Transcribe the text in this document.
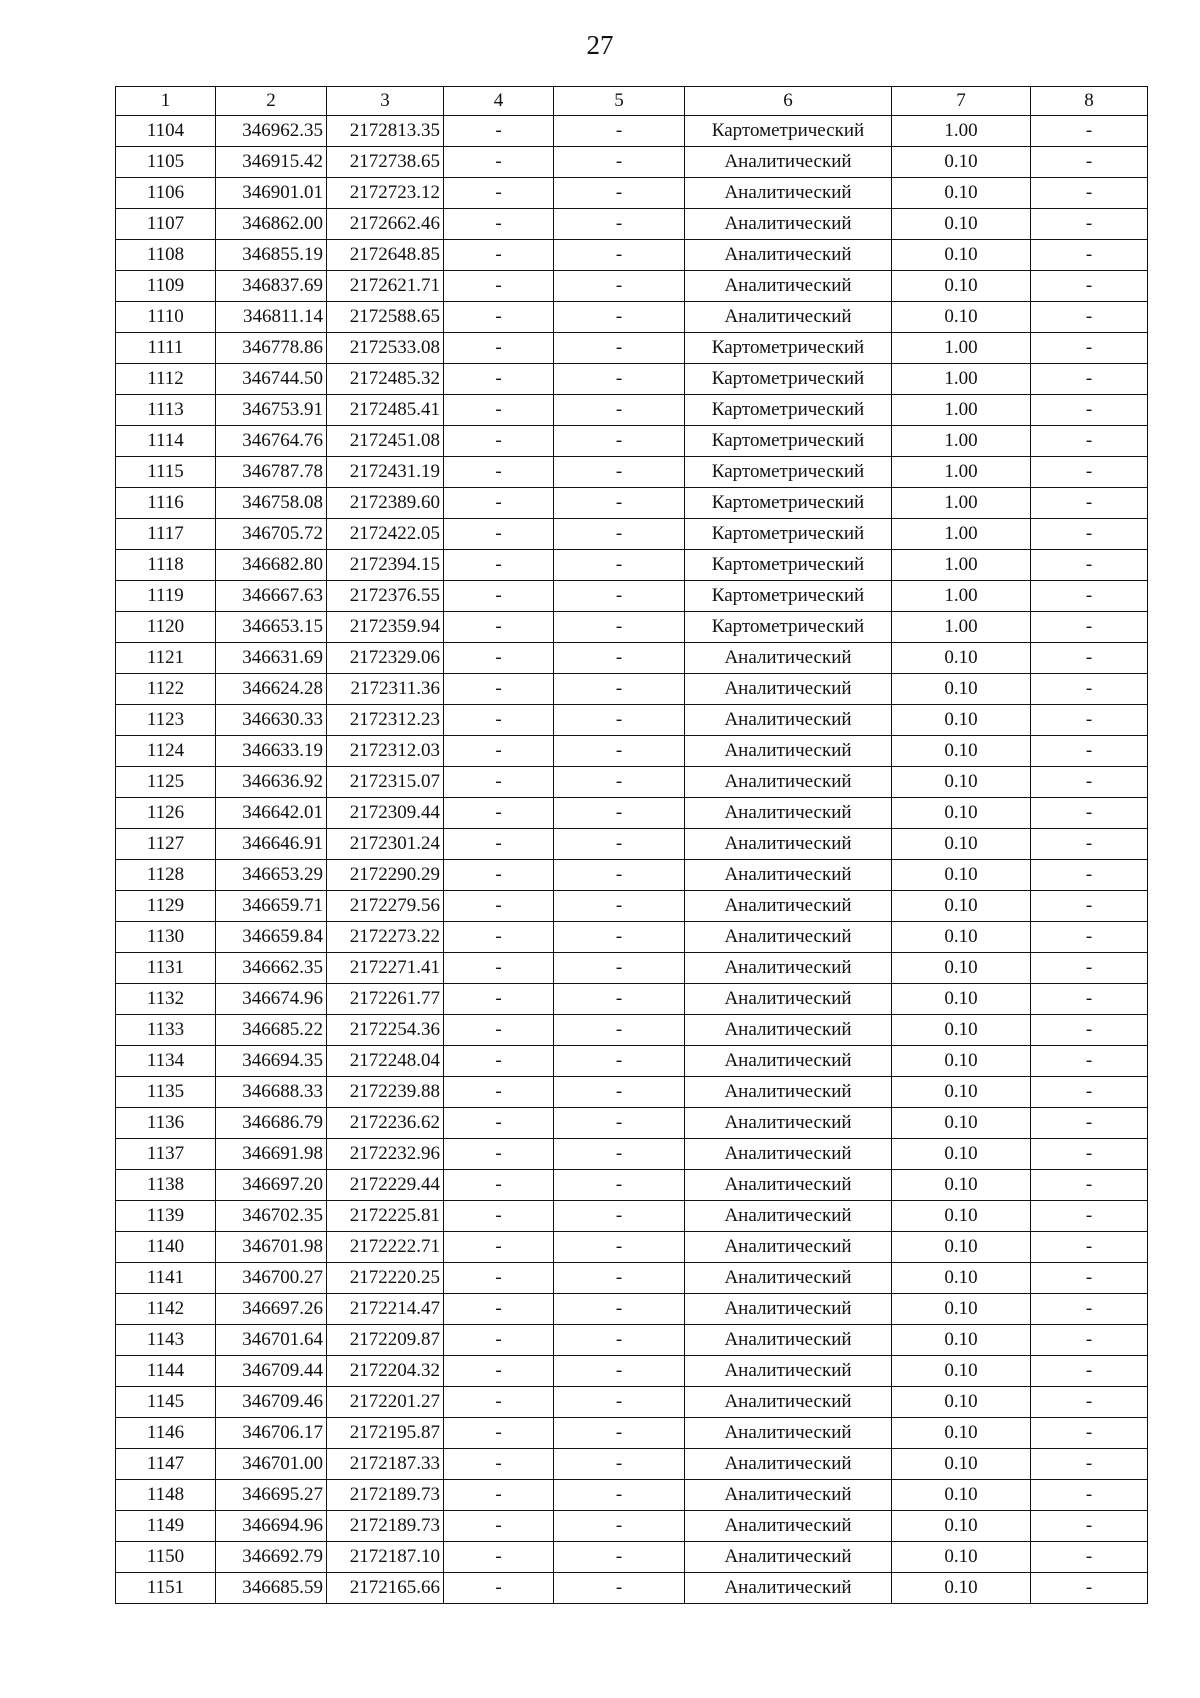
27
1	2	3	4	5	6	7	8
1104	346962.35	2172813.35	-	-	Картометрический	1.00	-
1105	346915.42	2172738.65	-	-	Аналитический	0.10	-
1106	346901.01	2172723.12	-	-	Аналитический	0.10	-
1107	346862.00	2172662.46	-	-	Аналитический	0.10	-
1108	346855.19	2172648.85	-	-	Аналитический	0.10	-
1109	346837.69	2172621.71	-	-	Аналитический	0.10	-
1110	346811.14	2172588.65	-	-	Аналитический	0.10	-
1111	346778.86	2172533.08	-	-	Картометрический	1.00	-
1112	346744.50	2172485.32	-	-	Картометрический	1.00	-
1113	346753.91	2172485.41	-	-	Картометрический	1.00	-
1114	346764.76	2172451.08	-	-	Картометрический	1.00	-
1115	346787.78	2172431.19	-	-	Картометрический	1.00	-
1116	346758.08	2172389.60	-	-	Картометрический	1.00	-
1117	346705.72	2172422.05	-	-	Картометрический	1.00	-
1118	346682.80	2172394.15	-	-	Картометрический	1.00	-
1119	346667.63	2172376.55	-	-	Картометрический	1.00	-
1120	346653.15	2172359.94	-	-	Картометрический	1.00	-
1121	346631.69	2172329.06	-	-	Аналитический	0.10	-
1122	346624.28	2172311.36	-	-	Аналитический	0.10	-
1123	346630.33	2172312.23	-	-	Аналитический	0.10	-
1124	346633.19	2172312.03	-	-	Аналитический	0.10	-
1125	346636.92	2172315.07	-	-	Аналитический	0.10	-
1126	346642.01	2172309.44	-	-	Аналитический	0.10	-
1127	346646.91	2172301.24	-	-	Аналитический	0.10	-
1128	346653.29	2172290.29	-	-	Аналитический	0.10	-
1129	346659.71	2172279.56	-	-	Аналитический	0.10	-
1130	346659.84	2172273.22	-	-	Аналитический	0.10	-
1131	346662.35	2172271.41	-	-	Аналитический	0.10	-
1132	346674.96	2172261.77	-	-	Аналитический	0.10	-
1133	346685.22	2172254.36	-	-	Аналитический	0.10	-
1134	346694.35	2172248.04	-	-	Аналитический	0.10	-
1135	346688.33	2172239.88	-	-	Аналитический	0.10	-
1136	346686.79	2172236.62	-	-	Аналитический	0.10	-
1137	346691.98	2172232.96	-	-	Аналитический	0.10	-
1138	346697.20	2172229.44	-	-	Аналитический	0.10	-
1139	346702.35	2172225.81	-	-	Аналитический	0.10	-
1140	346701.98	2172222.71	-	-	Аналитический	0.10	-
1141	346700.27	2172220.25	-	-	Аналитический	0.10	-
1142	346697.26	2172214.47	-	-	Аналитический	0.10	-
1143	346701.64	2172209.87	-	-	Аналитический	0.10	-
1144	346709.44	2172204.32	-	-	Аналитический	0.10	-
1145	346709.46	2172201.27	-	-	Аналитический	0.10	-
1146	346706.17	2172195.87	-	-	Аналитический	0.10	-
1147	346701.00	2172187.33	-	-	Аналитический	0.10	-
1148	346695.27	2172189.73	-	-	Аналитический	0.10	-
1149	346694.96	2172189.73	-	-	Аналитический	0.10	-
1150	346692.79	2172187.10	-	-	Аналитический	0.10	-
1151	346685.59	2172165.66	-	-	Аналитический	0.10	-
